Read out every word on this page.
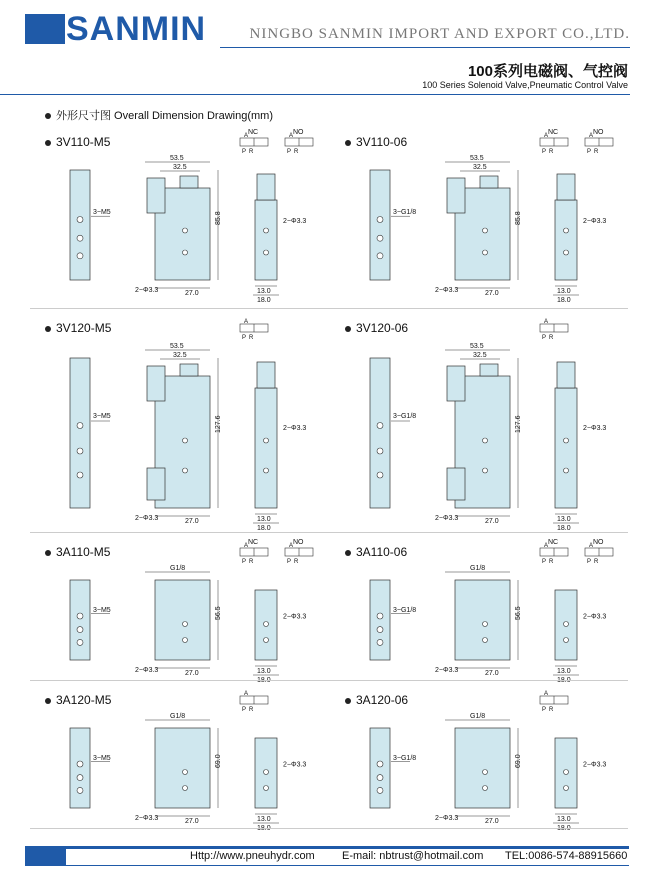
SANMIN	NINGBO SANMIN IMPORT AND EXPORT CO.,LTD.
100系列电磁阀、气控阀
100 Series Solenoid Valve,Pneumatic Control Valve
外形尺寸图 Overall Dimension Drawing(mm)
3V110-M5
3−M5
53.5
32.5
85.8
27.0
2−Φ3.3
2−Φ3.3
13.0
18.0
NC
A
P R
NO
A
P R
3V110-06
3−G1/8
53.5
32.5
85.8
27.0
2−Φ3.3
2−Φ3.3
13.0
18.0
NC
A
P R
NO
A
P R
3V120-M5
3−M5
53.5
32.5
127.6
27.0
2−Φ3.3
2−Φ3.3
13.0
18.0
A
P R
3V120-06
3−G1/8
53.5
32.5
127.6
27.0
2−Φ3.3
2−Φ3.3
13.0
18.0
A
P R
3A110-M5
3−M5
G1/8
56.5
27.0
2−Φ3.3
2−Φ3.3
13.0
NC
A
P R
NO
A
P R
3A110-06
3−G1/8
G1/8
56.5
27.0
2−Φ3.3
2−Φ3.3
13.0
NC
A
P R
NO
A
P R
3A120-M5
3−M5
G1/8
69.0
27.0
2−Φ3.3
2−Φ3.3
13.0
A
P R
3A120-06
3−G1/8
G1/8
69.0
27.0
2−Φ3.3
2−Φ3.3
13.0
A
P R
Http://www.pneuhydr.com E-mail: nbtrust@hotmail.com TEL:0086-574-88915660
